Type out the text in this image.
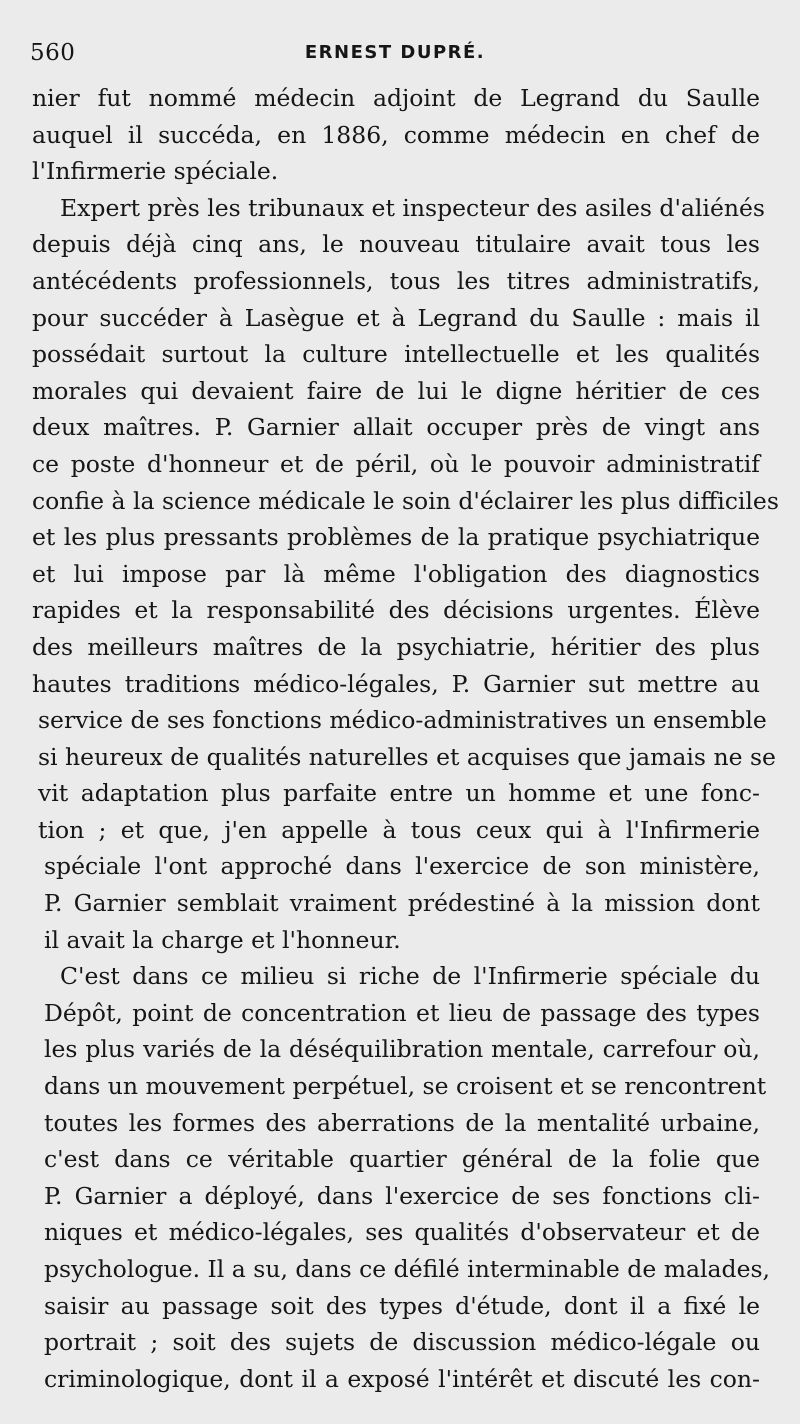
560	ERNEST DUPRÉ.
nier fut nommé médecin adjoint de Legrand du Saulle
auquel il succéda, en 1886, comme médecin en chef de
l'Infirmerie spéciale.
Expert près les tribunaux et inspecteur des asiles d'aliénés
depuis déjà cinq ans, le nouveau titulaire avait tous les
antécédents professionnels, tous les titres administratifs,
pour succéder à Lasègue et à Legrand du Saulle : mais il
possédait surtout la culture intellectuelle et les qualités
morales qui devaient faire de lui le digne héritier de ces
deux maîtres. P. Garnier allait occuper près de vingt ans
ce poste d'honneur et de péril, où le pouvoir administratif
confie à la science médicale le soin d'éclairer les plus difficiles
et les plus pressants problèmes de la pratique psychiatrique
et lui impose par là même l'obligation des diagnostics
rapides et la responsabilité des décisions urgentes. Élève
des meilleurs maîtres de la psychiatrie, héritier des plus
hautes traditions médico-légales, P. Garnier sut mettre au
service de ses fonctions médico-administratives un ensemble
si heureux de qualités naturelles et acquises que jamais ne se
vit adaptation plus parfaite entre un homme et une fonc-
tion ; et que, j'en appelle à tous ceux qui à l'Infirmerie
spéciale l'ont approché dans l'exercice de son ministère,
P. Garnier semblait vraiment prédestiné à la mission dont
il avait la charge et l'honneur.
C'est dans ce milieu si riche de l'Infirmerie spéciale du
Dépôt, point de concentration et lieu de passage des types
les plus variés de la déséquilibration mentale, carrefour où,
dans un mouvement perpétuel, se croisent et se rencontrent
toutes les formes des aberrations de la mentalité urbaine,
c'est dans ce véritable quartier général de la folie que
P. Garnier a déployé, dans l'exercice de ses fonctions cli-
niques et médico-légales, ses qualités d'observateur et de
psychologue. Il a su, dans ce défilé interminable de malades,
saisir au passage soit des types d'étude, dont il a fixé le
portrait ; soit des sujets de discussion médico-légale ou
criminologique, dont il a exposé l'intérêt et discuté les con-
